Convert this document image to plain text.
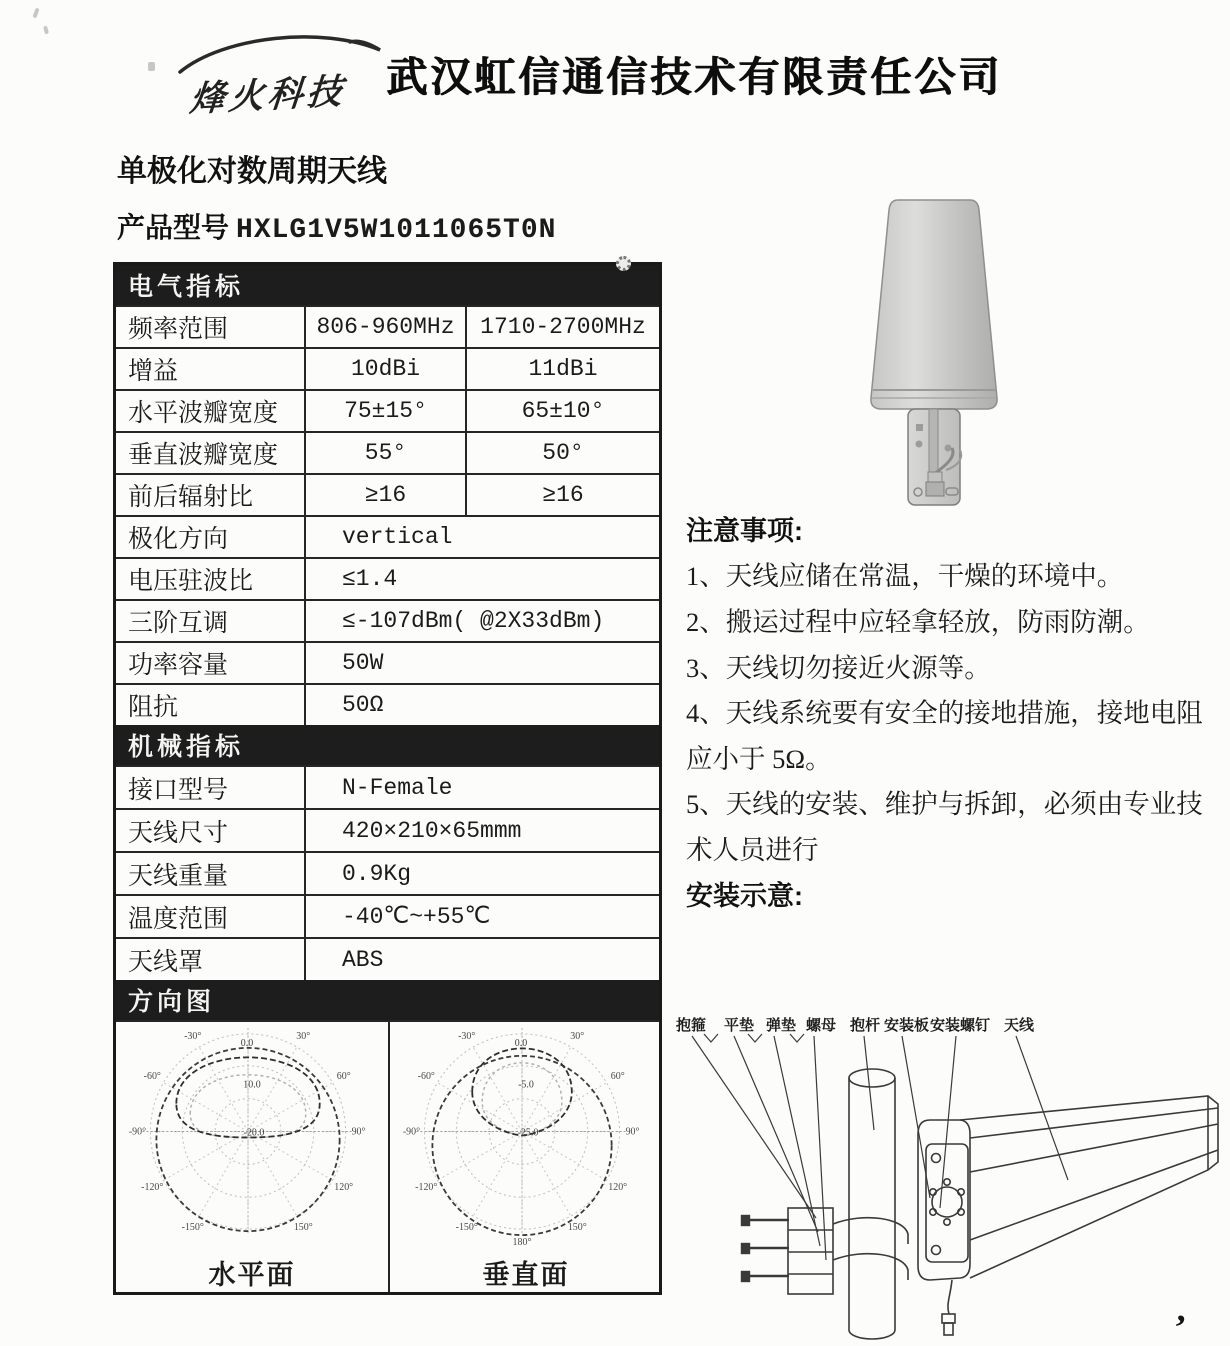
烽火科技 武汉虹信通信技术有限责任公司
单极化对数周期天线
产品型号 HXLG1V5W1011065T0N
电气指标
频率范围	806-960MHz	1710-2700MHz
增益	10dBi	11dBi
水平波瓣宽度	75±15°	65±10°
垂直波瓣宽度	55°	50°
前后辐射比	≥16	≥16
极化方向	vertical
电压驻波比	≤1.4
三阶互调	≤-107dBm( @2X33dBm)
功率容量	50W
阻抗	50Ω
机械指标
接口型号	N-Female
天线尺寸	420×210×65mmm
天线重量	0.9Kg
温度范围	-40℃~+55℃
天线罩	ABS
方向图
-30°	30°
-60°	60°
-90°	90°
-120°	120°
-150°	150°
0.0
10.0
-20.0
水平面
-30°	30°
-60°	60°
-90°	90°
-120°	120°
-150°	150°
180°
0.0
-5.0
-25.0
垂直面
注意事项:

1、天线应储在常温，干燥的环境中。

2、搬运过程中应轻拿轻放，防雨防潮。

3、天线切勿接近火源等。

4、天线系统要有安全的接地措施，接地电阻应小于 5Ω。

5、天线的安装、维护与拆卸，必须由专业技术人员进行

安装示意:
抱箍 平垫 弹垫 螺母 抱杆 安装板 安装螺钉 天线
,
